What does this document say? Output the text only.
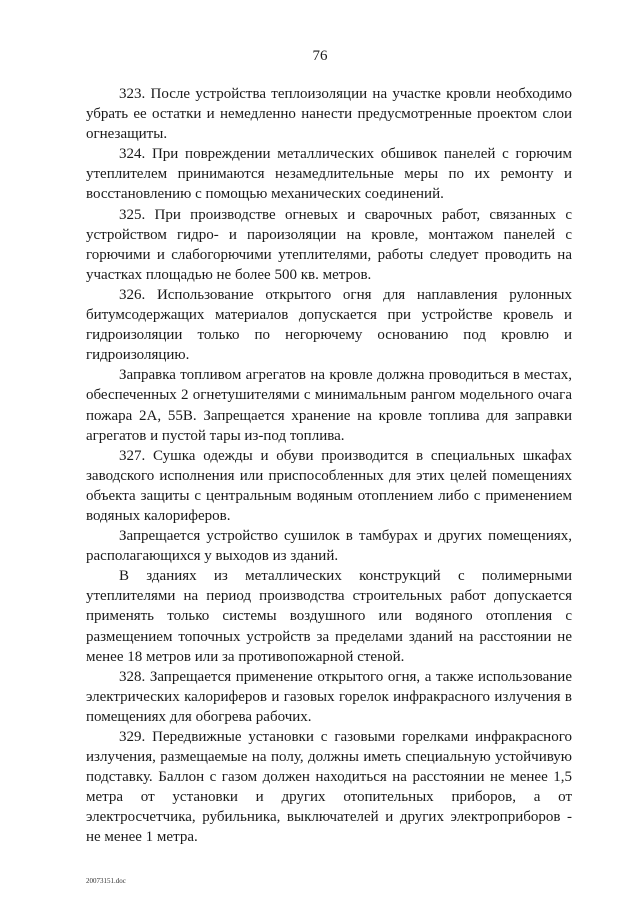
76

323. После устройства теплоизоляции на участке кровли необходимо убрать ее остатки и немедленно нанести предусмотренные проектом слои огнезащиты.

324. При повреждении металлических обшивок панелей с горючим утеплителем принимаются незамедлительные меры по их ремонту и восстановлению с помощью механических соединений.

325. При производстве огневых и сварочных работ, связанных с устройством гидро- и пароизоляции на кровле, монтажом панелей с горючими и слабогорючими утеплителями, работы следует проводить на участках площадью не более 500 кв. метров.

326. Использование открытого огня для наплавления рулонных битумсодержащих материалов допускается при устройстве кровель и гидроизоляции только по негорючему основанию под кровлю и гидроизоляцию.

Заправка топливом агрегатов на кровле должна проводиться в местах, обеспеченных 2 огнетушителями с минимальным рангом модельного очага пожара 2А, 55В. Запрещается хранение на кровле топлива для заправки агрегатов и пустой тары из-под топлива.

327. Сушка одежды и обуви производится в специальных шкафах заводского исполнения или приспособленных для этих целей помещениях объекта защиты с центральным водяным отоплением либо с применением водяных калориферов.

Запрещается устройство сушилок в тамбурах и других помещениях, располагающихся у выходов из зданий.

В зданиях из металлических конструкций с полимерными утеплителями на период производства строительных работ допускается применять только системы воздушного или водяного отопления с размещением топочных устройств за пределами зданий на расстоянии не менее 18 метров или за противопожарной стеной.

328. Запрещается применение открытого огня, а также использование электрических калориферов и газовых горелок инфракрасного излучения в помещениях для обогрева рабочих.

329. Передвижные установки с газовыми горелками инфракрасного излучения, размещаемые на полу, должны иметь специальную устойчивую подставку. Баллон с газом должен находиться на расстоянии не менее 1,5 метра от установки и других отопительных приборов, а от электросчетчика, рубильника, выключателей и других электроприборов - не менее 1 метра.

20073151.doc
